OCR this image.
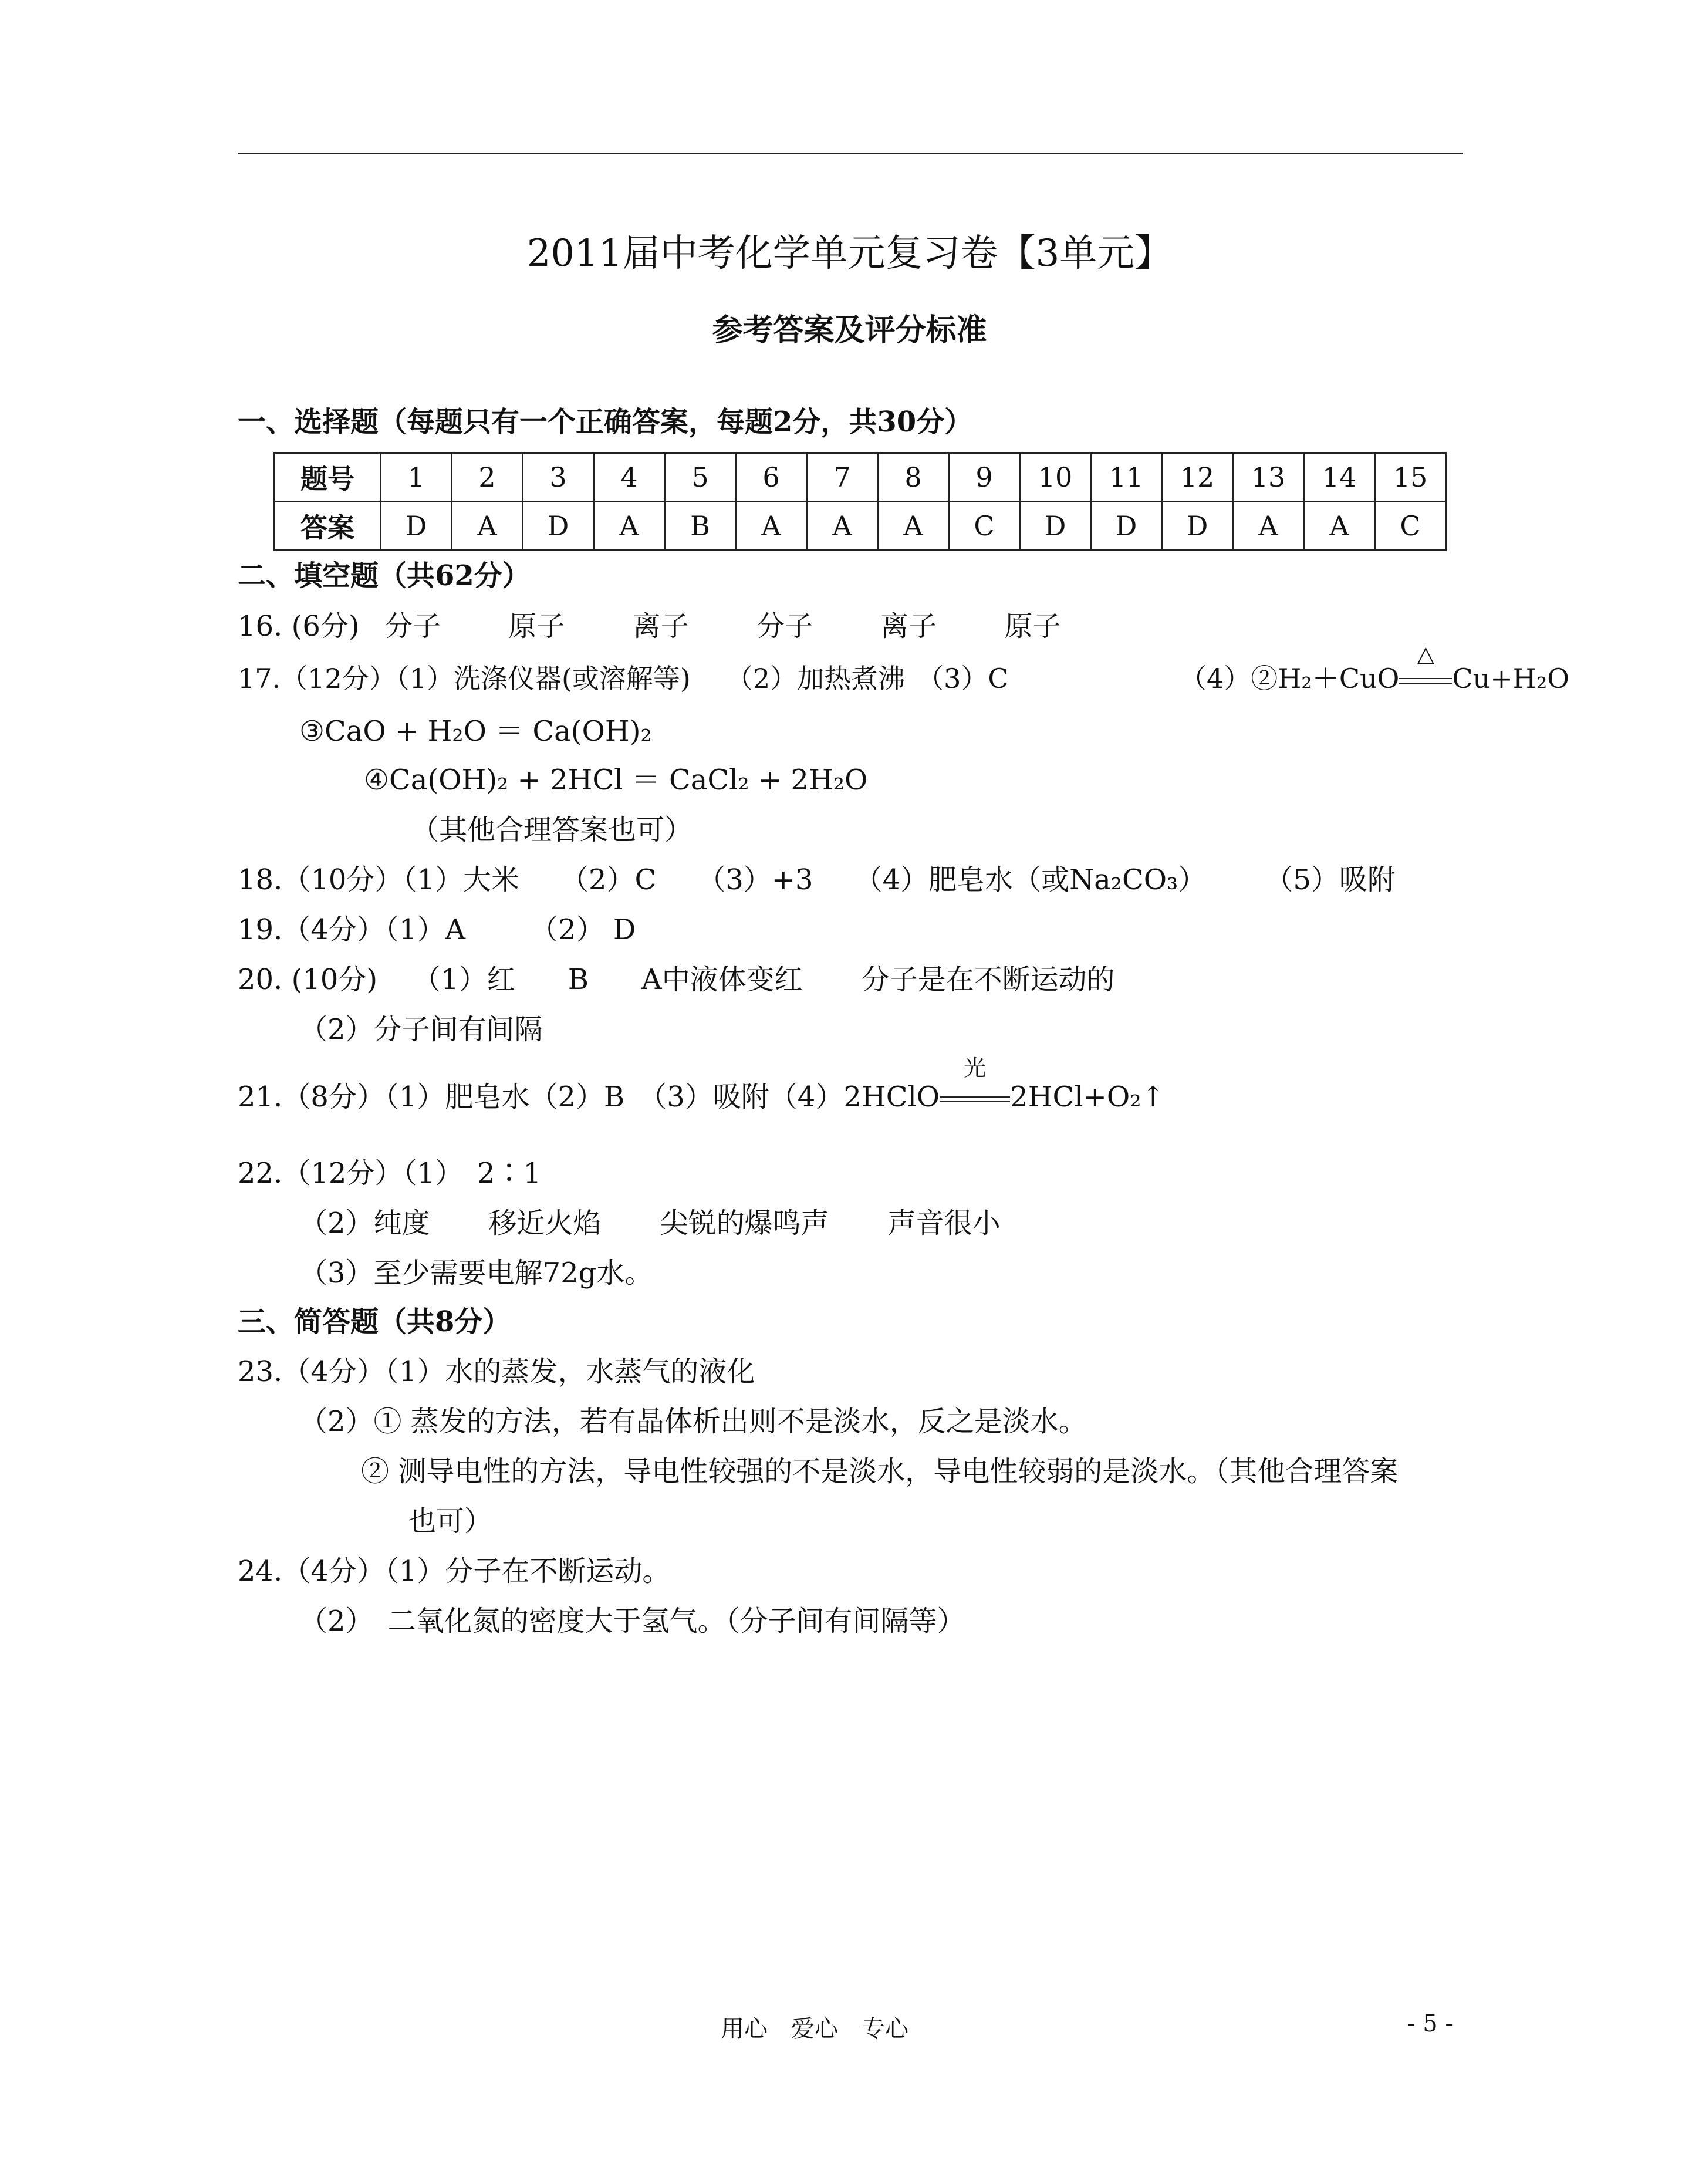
2011届中考化学单元复习卷【3单元】
参考答案及评分标准
一、选择题（每题只有一个正确答案，每题2分，共30分）
题号	1	2	3	4	5	6	7	8	9	10	11	12	13	14	15
答案	D	A	D	A	B	A	A	A	C	D	D	D	A	A	C
二、填空题（共62分）
16. (6分) 分子 原子 离子 分子 离子 原子
17.（12分）（1）洗涤仪器(或溶解等) （2）加热煮沸 （3）C	（4）②H₂＋CuO
△
Cu+H₂O
③CaO + H₂O ＝ Ca(OH)₂
④Ca(OH)₂ + 2HCl ＝ CaCl₂ + 2H₂O
（其他合理答案也可）
18.（10分）（1）大米 （2）C （3）+3 （4）肥皂水（或Na₂CO₃） （5）吸附
19.（4分）（1）A （2） D
20. (10分) （1）红 B A中液体变红 分子是在不断运动的
（2）分子间有间隔
21.（8分）（1）肥皂水（2）B　（3）吸附（4）2HClO
光
2HCl+O₂↑
22.（12分）（1）　2∶1
（2）纯度 移近火焰 尖锐的爆鸣声 声音很小
（3）至少需要电解72g水。
三、简答题（共8分）
23.（4分）（1）水的蒸发，水蒸气的液化
（2）① 蒸发的方法，若有晶体析出则不是淡水，反之是淡水。
② 测导电性的方法，导电性较强的不是淡水，导电性较弱的是淡水。（其他合理答案
也可）
24.（4分）（1）分子在不断运动。
（2）　二氧化氮的密度大于氢气。（分子间有间隔等）
用心　爱心　专心	- 5 -
